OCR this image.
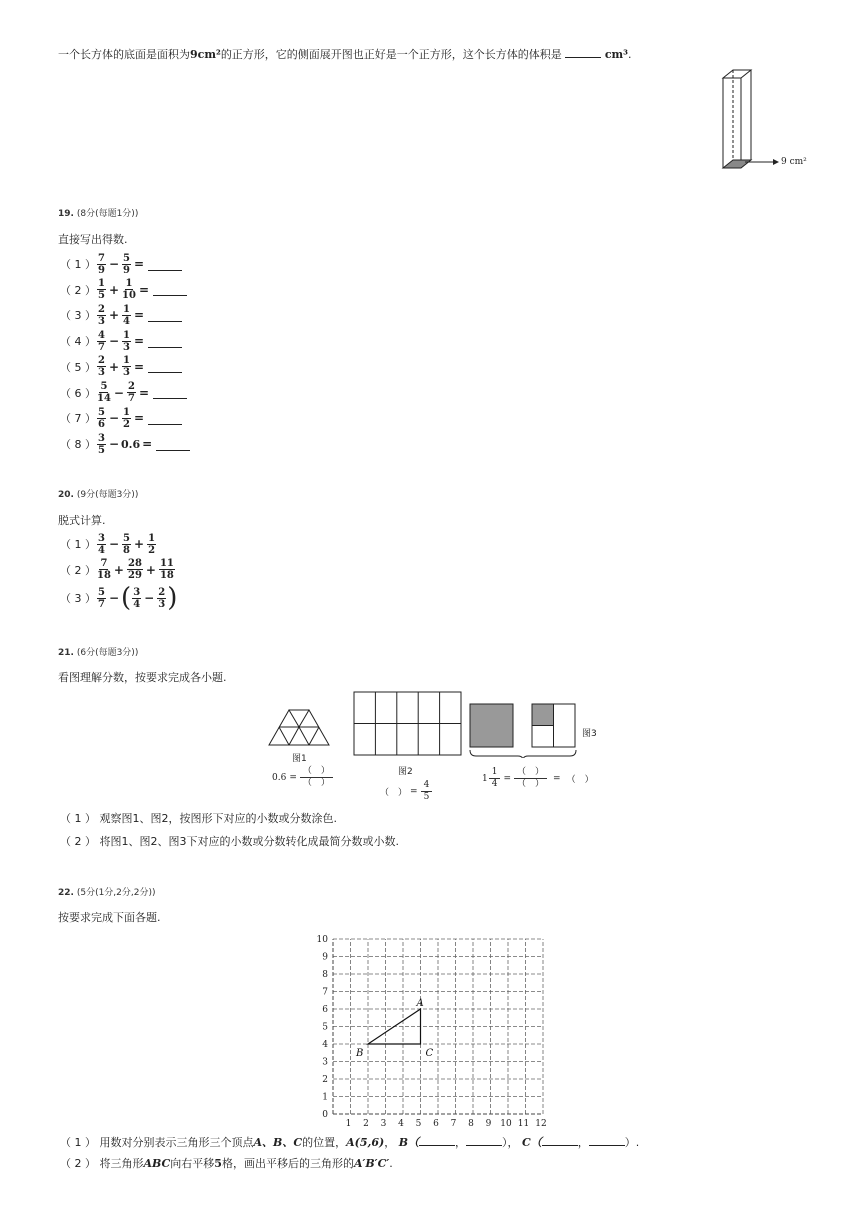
一个长方体的底面是面积为9cm²的正方形，它的侧面展开图也正好是一个正方形，这个长方体的体积是	cm³.
9 cm²
19. (8分(每题1分))
直接写出得数.
（ 1 ） $\frac{7}{9} - \frac{5}{9}$ =
（ 2 ） $\frac{1}{5} + \frac{1}{10}$ =
（ 3 ） $\frac{2}{3} + \frac{1}{4}$ =
（ 4 ） $\frac{4}{7} - \frac{1}{3}$ =
（ 5 ） $\frac{2}{3} + \frac{1}{3}$ =
（ 6 ） $\frac{5}{14} - \frac{2}{7}$ =
（ 7 ） $\frac{5}{6} - \frac{1}{2}$ =
（ 8 ） $\frac{3}{5} - 0.6$ =
20. (9分(每题3分))
脱式计算.
（ 1 ） $\frac{3}{4} - \frac{5}{8} + \frac{1}{2}$
（ 2 ） $\frac{7}{18} + \frac{28}{29} + \frac{11}{18}$
（ 3 ） $\frac{5}{7}$ − ( $\frac{3}{4} - \frac{2}{3}$ )
21. (6分(每题3分))
看图理解分数，按要求完成各小题.
图1
$0.6 = \frac{( )}{( )}$	图2
（　） = $\frac{4}{5}$
图3
$1 \frac{1}{4} = \frac{( )}{( )}$ = （　）
（ 1 ） 观察图1、图2，按图形下对应的小数或分数涂色.
（ 2 ） 将图1、图2、图3下对应的小数或分数转化成最简分数或小数.
22. (5分(1分,2分,2分))
按要求完成下面各题.
0
1
2
3
4
5
6
7
8
9
10
1 2 3 4 5 6 7 8 9 10 11 12
A
B	C
（ 1 ） 用数对分别表示三角形三个顶点A、B、C的位置，A(5,6)， B（	，	）， C（	，	）.
（ 2 ） 将三角形ABC向右平移5格，画出平移后的三角形的A′B′C′.
